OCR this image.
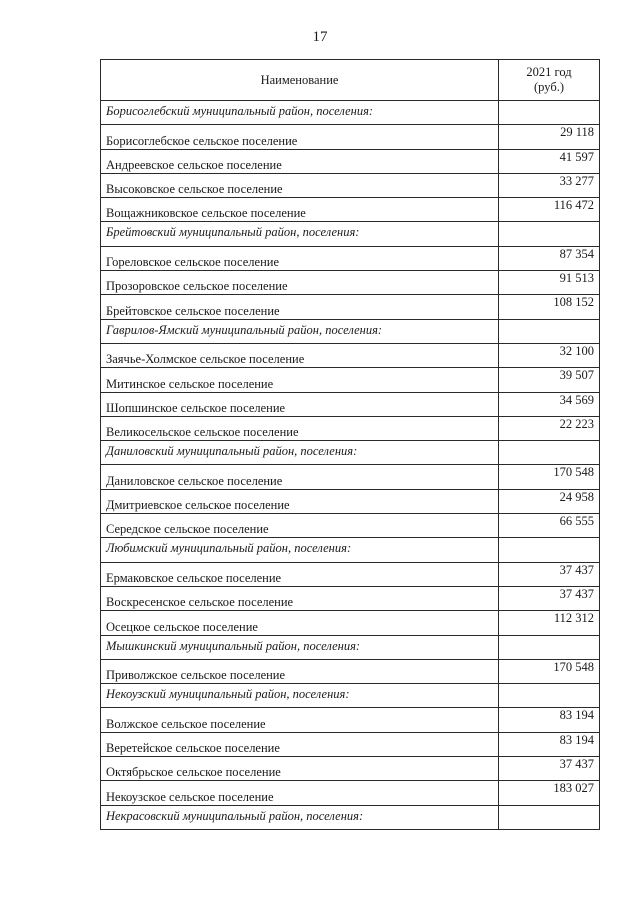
17
Наименование	2021 год
(руб.)
Борисоглебский муниципальный район, поселения:	
Борисоглебское сельское поселение	29 118
Андреевское сельское поселение	41 597
Высоковское сельское поселение	33 277
Вощажниковское сельское поселение	116 472
Брейтовский муниципальный район, поселения:	
Гореловское сельское поселение	87 354
Прозоровское сельское поселение	91 513
Брейтовское сельское поселение	108 152
Гаврилов-Ямский муниципальный район, поселения:	
Заячье-Холмское сельское поселение	32 100
Митинское сельское поселение	39 507
Шопшинское сельское поселение	34 569
Великосельское сельское поселение	22 223
Даниловский муниципальный район, поселения:	
Даниловское сельское поселение	170 548
Дмитриевское сельское поселение	24 958
Середское сельское поселение	66 555
Любимский муниципальный район, поселения:	
Ермаковское сельское поселение	37 437
Воскресенское сельское поселение	37 437
Осецкое сельское поселение	112 312
Мышкинский муниципальный район, поселения:	
Приволжское сельское поселение	170 548
Некоузский муниципальный район, поселения:	
Волжское сельское поселение	83 194
Веретейское сельское поселение	83 194
Октябрьское сельское поселение	37 437
Некоузское сельское поселение	183 027
Некрасовский муниципальный район, поселения:	
